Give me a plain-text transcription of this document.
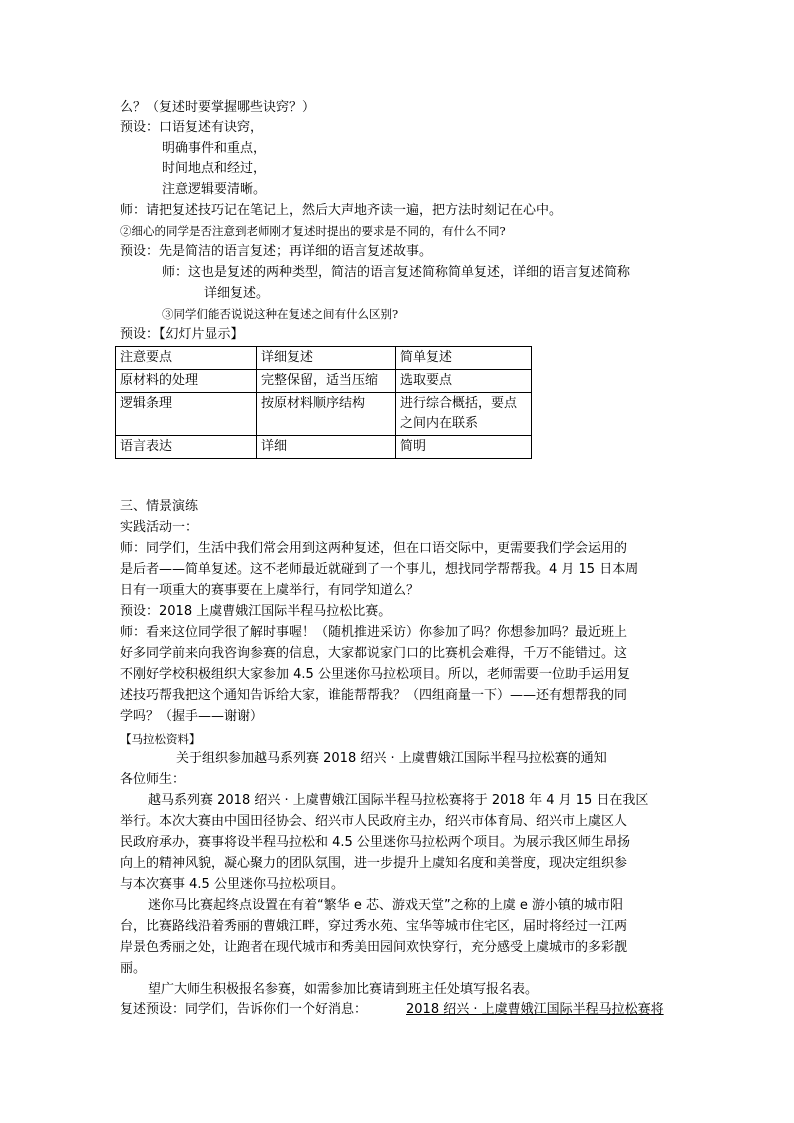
么？（复述时要掌握哪些诀窍？）
预设：口语复述有诀窍，
明确事件和重点，
时间地点和经过，
注意逻辑要清晰。
师：请把复述技巧记在笔记上，然后大声地齐读一遍，把方法时刻记在心中。
②细心的同学是否注意到老师刚才复述时提出的要求是不同的，有什么不同?
预设：先是简洁的语言复述；再详细的语言复述故事。
师：这也是复述的两种类型，简洁的语言复述简称简单复述，详细的语言复述简称
详细复述。
③同学们能否说说这种在复述之间有什么区别?
预设：【幻灯片显示】
注意要点	详细复述	简单复述
原材料的处理	完整保留，适当压缩	选取要点
逻辑条理	按原材料顺序结构	进行综合概括，要点之间内在联系
语言表达	详细	简明
三、情景演练
实践活动一：
师：同学们，生活中我们常会用到这两种复述，但在口语交际中，更需要我们学会运用的
是后者——简单复述。这不老师最近就碰到了一个事儿，想找同学帮帮我。4 月 15 日本周
日有一项重大的赛事要在上虞举行，有同学知道么？
预设：2018 上虞曹娥江国际半程马拉松比赛。
师：看来这位同学很了解时事喔！（随机推进采访）你参加了吗？你想参加吗？最近班上
好多同学前来向我咨询参赛的信息，大家都说家门口的比赛机会难得，千万不能错过。这
不刚好学校积极组织大家参加 4.5 公里迷你马拉松项目。所以，老师需要一位助手运用复
述技巧帮我把这个通知告诉给大家，谁能帮帮我？（四组商量一下）——还有想帮我的同
学吗？（握手——谢谢）
【马拉松资料】
关于组织参加越马系列赛 2018 绍兴 · 上虞曹娥江国际半程马拉松赛的通知
各位师生：
越马系列赛 2018 绍兴 · 上虞曹娥江国际半程马拉松赛将于 2018 年 4 月 15 日在我区
举行。本次大赛由中国田径协会、绍兴市人民政府主办，绍兴市体育局、绍兴市上虞区人
民政府承办，赛事将设半程马拉松和 4.5 公里迷你马拉松两个项目。为展示我区师生昂扬
向上的精神风貌，凝心聚力的团队氛围，进一步提升上虞知名度和美誉度，现决定组织参
与本次赛事 4.5 公里迷你马拉松项目。
迷你马比赛起终点设置在有着“繁华 e 芯、游戏天堂”之称的上虞 e 游小镇的城市阳
台，比赛路线沿着秀丽的曹娥江畔，穿过秀水苑、宝华等城市住宅区，届时将经过一江两
岸景色秀丽之处，让跑者在现代城市和秀美田园间欢快穿行，充分感受上虞城市的多彩靓
丽。
望广大师生积极报名参赛，如需参加比赛请到班主任处填写报名表。
复述预设：同学们，告诉你们一个好消息：	2018 绍兴 · 上虞曹娥江国际半程马拉松赛将
